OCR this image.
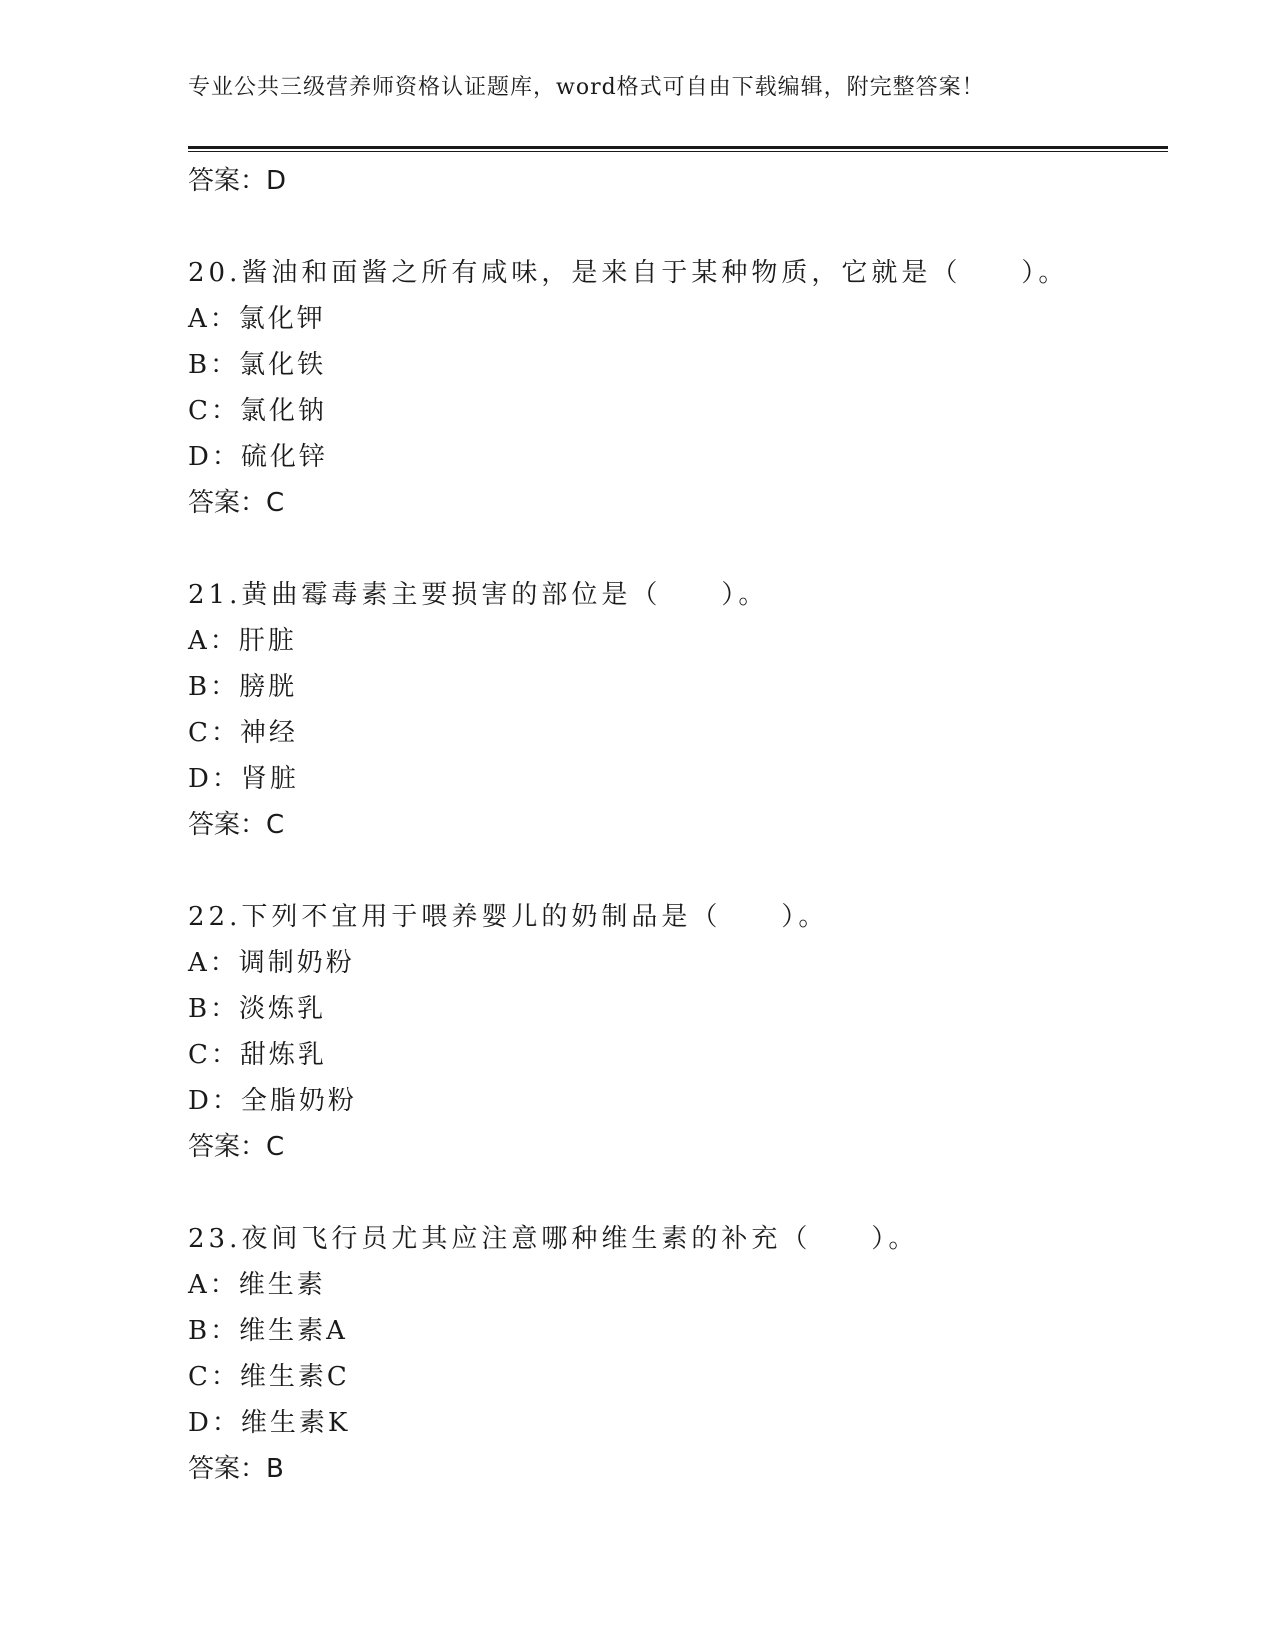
专业公共三级营养师资格认证题库，word格式可自由下载编辑，附完整答案！
答案：D
20.酱油和面酱之所有咸味，是来自于某种物质，它就是（　　）。
A：氯化钾
B：氯化铁
C：氯化钠
D：硫化锌
答案：C
21.黄曲霉毒素主要损害的部位是（　　）。
A：肝脏
B：膀胱
C：神经
D：肾脏
答案：C
22.下列不宜用于喂养婴儿的奶制品是（　　）。
A：调制奶粉
B：淡炼乳
C：甜炼乳
D：全脂奶粉
答案：C
23.夜间飞行员尤其应注意哪种维生素的补充（　　）。
A：维生素
B：维生素A
C：维生素C
D：维生素K
答案：B
